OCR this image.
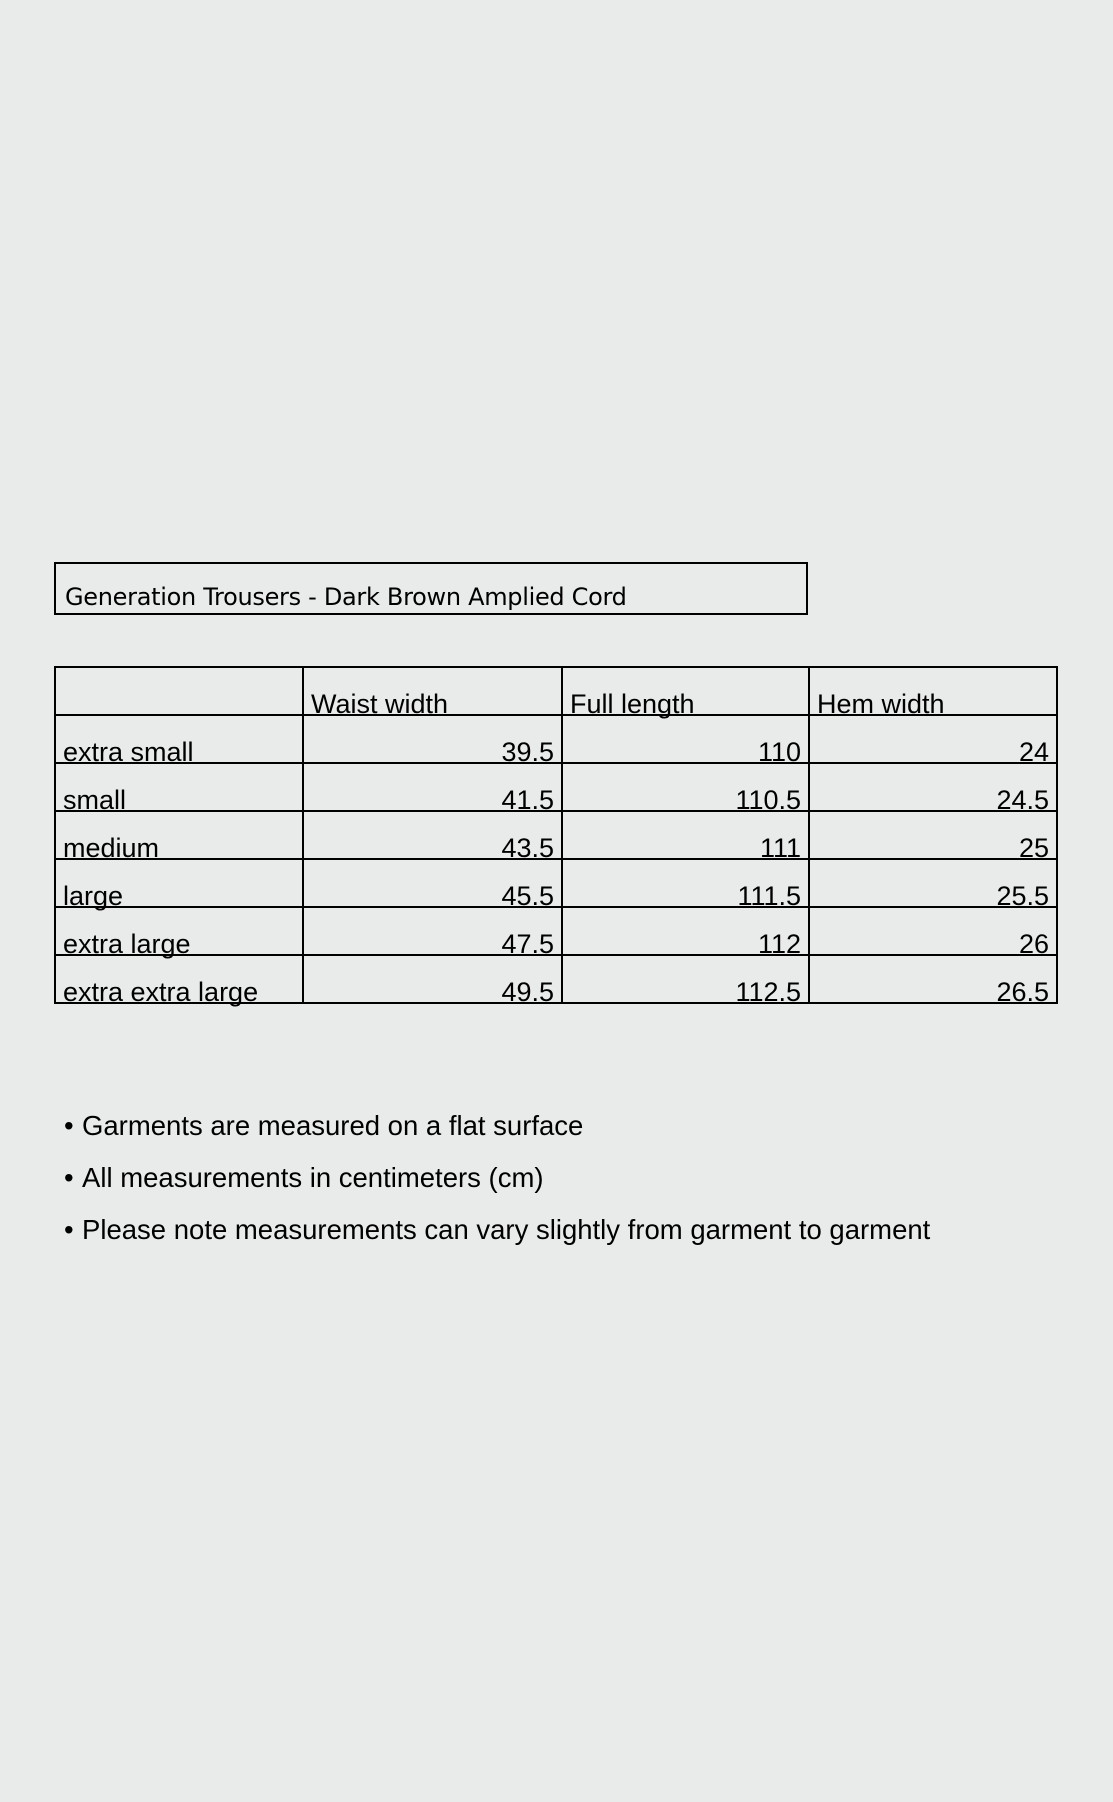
Generation Trousers - Dark Brown Amplied Cord

	Waist width	Full length	Hem width

extra small	39.5	110	24

small	41.5	110.5	24.5

medium	43.5	111	25

large	45.5	111.5	25.5

extra large	47.5	112	26

extra extra large	49.5	112.5	26.5
• Garments are measured on a flat surface
• All measurements in centimeters (cm)
• Please note measurements can vary slightly from garment to garment
